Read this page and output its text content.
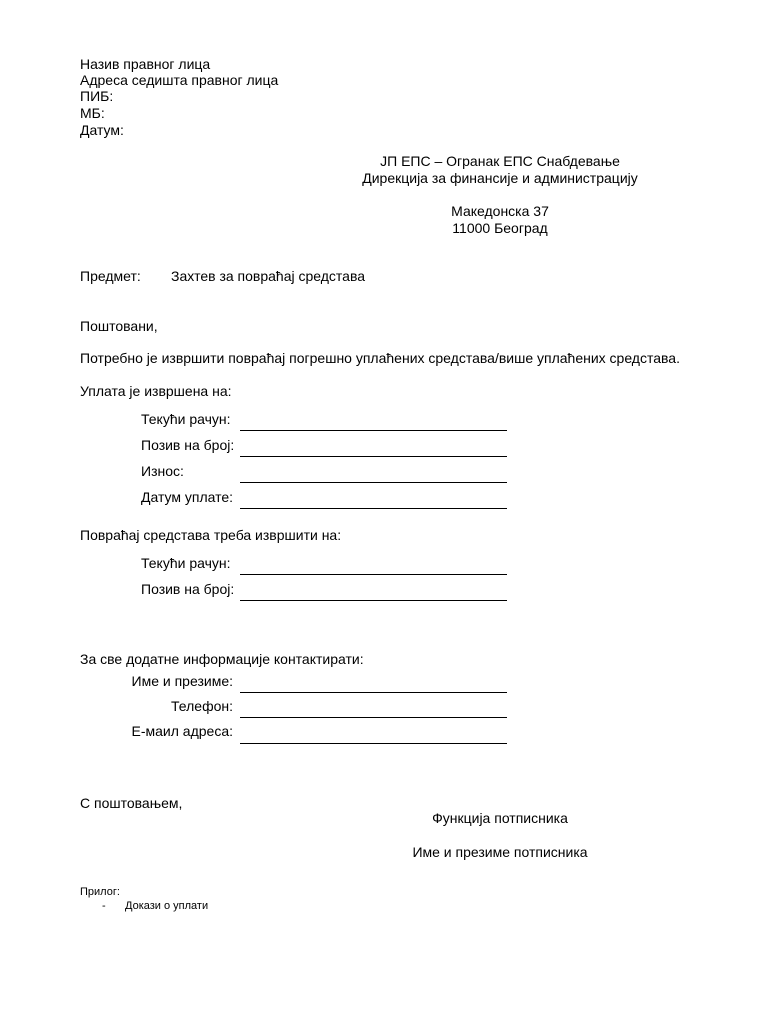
Назив правног лица
Адреса седишта правног лица
ПИБ:
МБ:
Датум:
ЈП ЕПС – Огранак ЕПС Снабдевање
Дирекција за финансије и администрацију
Македонска 37
11000 Београд
Предмет: Захтев за повраћај средстава
Поштовани,
Потребно је извршити повраћај погрешно уплаћених средстава/више уплаћених средстава.
Уплата је извршена на:
Текући рачун:
Позив на број:
Износ:
Датум уплате:
Повраћај средстава треба извршити на:
Текући рачун:
Позив на број:
За све додатне информације контактирати:
Име и презиме:
Телефон:
Е-маил адреса:
С поштовањем,
Функција потписника
Име и презиме потписника
Прилог:
- Докази о уплати
